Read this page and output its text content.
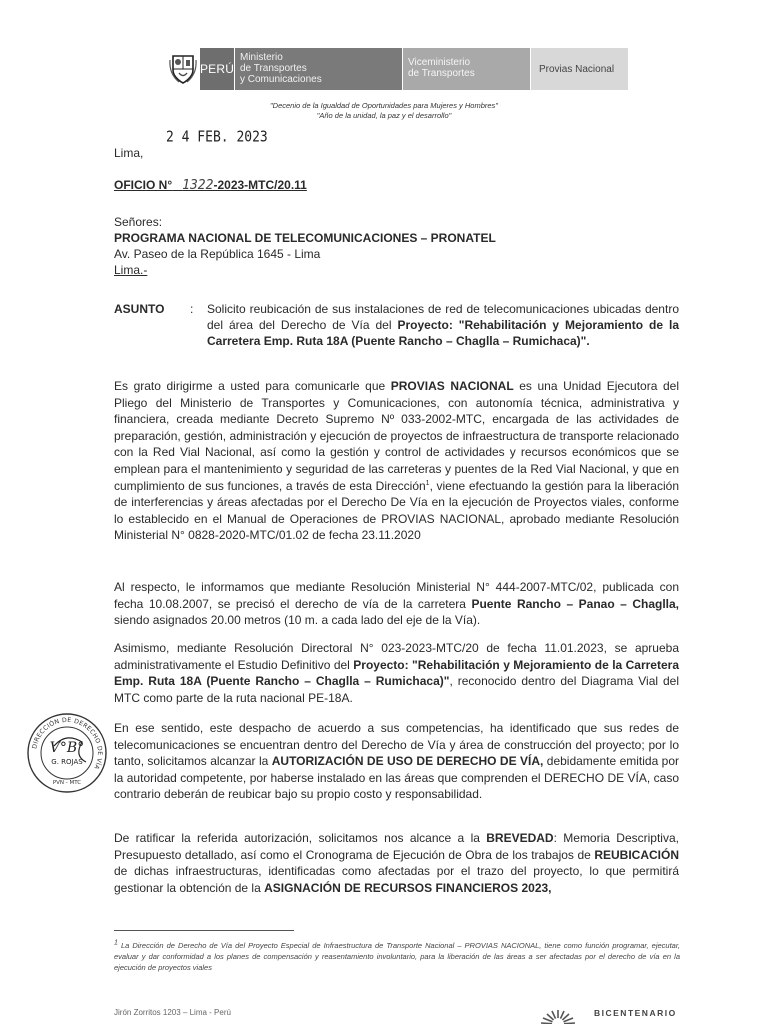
PERÚ
Ministerio
de Transportes
y Comunicaciones
Viceministerio
de Transportes	Provias Nacional
"Decenio de la Igualdad de Oportunidades para Mujeres y Hombres"
"Año de la unidad, la paz y el desarrollo"
Lima,
2 4 FEB. 2023
OFICIO N° 1322-2023-MTC/20.11
Señores:
PROGRAMA NACIONAL DE TELECOMUNICACIONES – PRONATEL
Av. Paseo de la República 1645 - Lima
Lima.-
ASUNTO : Solicito reubicación de sus instalaciones de red de telecomunicaciones ubicadas dentro del área del Derecho de Vía del Proyecto: "Rehabilitación y Mejoramiento de la Carretera Emp. Ruta 18A (Puente Rancho – Chaglla – Rumichaca)".
Es grato dirigirme a usted para comunicarle que PROVIAS NACIONAL es una Unidad Ejecutora del Pliego del Ministerio de Transportes y Comunicaciones, con autonomía técnica, administrativa y financiera, creada mediante Decreto Supremo Nº 033-2002-MTC, encargada de las actividades de preparación, gestión, administración y ejecución de proyectos de infraestructura de transporte relacionado con la Red Vial Nacional, así como la gestión y control de actividades y recursos económicos que se emplean para el mantenimiento y seguridad de las carreteras y puentes de la Red Vial Nacional, y que en cumplimiento de sus funciones, a través de esta Dirección$^1$, viene efectuando la gestión para la liberación de interferencias y áreas afectadas por el Derecho De Vía en la ejecución de Proyectos viales, conforme lo establecido en el Manual de Operaciones de PROVIAS NACIONAL, aprobado mediante Resolución Ministerial N° 0828-2020-MTC/01.02 de fecha 23.11.2020
Al respecto, le informamos que mediante Resolución Ministerial N° 444-2007-MTC/02, publicada con fecha 10.08.2007, se precisó el derecho de vía de la carretera Puente Rancho – Panao – Chaglla, siendo asignados 20.00 metros (10 m. a cada lado del eje de la Vía).
Asimismo, mediante Resolución Directoral N° 023-2023-MTC/20 de fecha 11.01.2023, se aprueba administrativamente el Estudio Definitivo del Proyecto: "Rehabilitación y Mejoramiento de la Carretera Emp. Ruta 18A (Puente Rancho – Chaglla – Rumichaca)", reconocido dentro del Diagrama Vial del MTC como parte de la ruta nacional PE-18A.
En ese sentido, este despacho de acuerdo a sus competencias, ha identificado que sus redes de telecomunicaciones se encuentran dentro del Derecho de Vía y área de construcción del proyecto; por lo tanto, solicitamos alcanzar la AUTORIZACIÓN DE USO DE DERECHO DE VÍA, debidamente emitida por la autoridad competente, por haberse instalado en las áreas que comprenden el DERECHO DE VÍA, caso contrario deberán de reubicar bajo su propio costo y responsabilidad.
De ratificar la referida autorización, solicitamos nos alcance a la BREVEDAD: Memoria Descriptiva, Presupuesto detallado, así como el Cronograma de Ejecución de Obra de los trabajos de REUBICACIÓN de dichas infraestructuras, identificadas como afectadas por el trazo del proyecto, lo que permitirá gestionar la obtención de la ASIGNACIÓN DE RECURSOS FINANCIEROS 2023,
DIRECCIÓN DE DERECHO DE VÍA
V°B°
G. ROJAS
PVN - MTC
$^1$ La Dirección de Derecho de Vía del Proyecto Especial de Infraestructura de Transporte Nacional – PROVIAS NACIONAL, tiene como función programar, ejecutar, evaluar y dar conformidad a los planes de compensación y reasentamiento involuntario, para la liberación de las áreas a ser afectadas por el derecho de vía en la ejecución de proyectos viales
Jirón Zorritos 1203 – Lima - Perú	BICENTENARIO
